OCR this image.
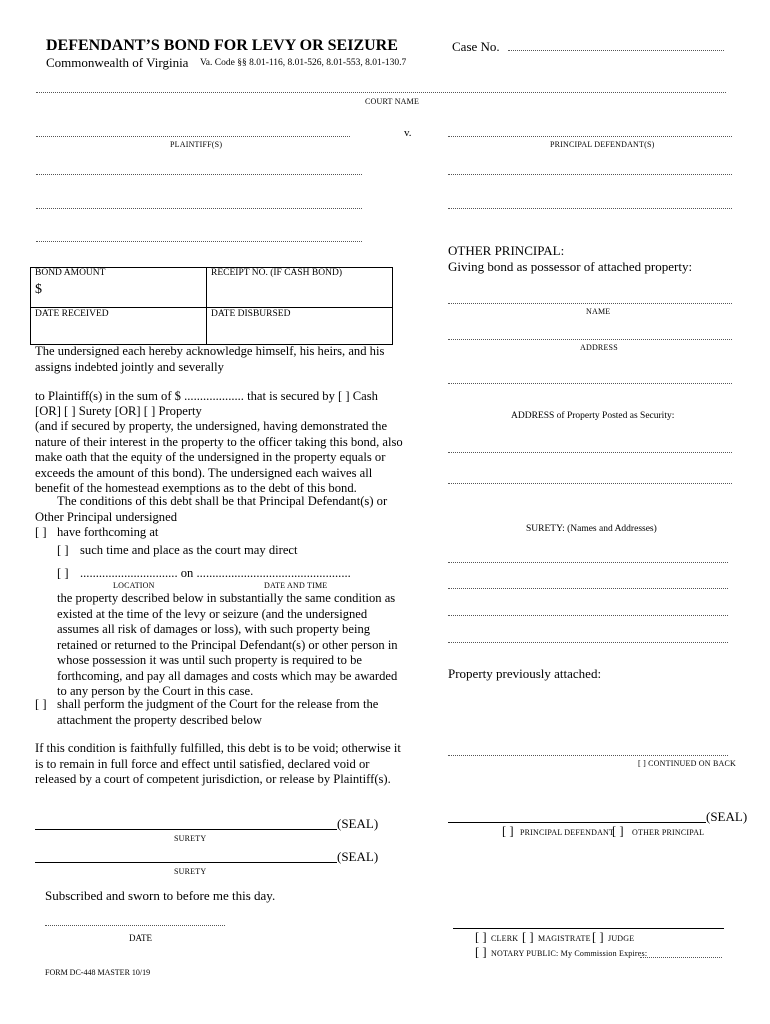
DEFENDANT’S BOND FOR LEVY OR SEIZURE
Commonwealth of Virginia Va. Code §§ 8.01-116, 8.01-526, 8.01-553, 8.01-130.7
Case No.
COURT NAME
v.
PLAINTIFF(S)	PRINCIPAL DEFENDANT(S)
BOND AMOUNT	RECEIPT NO. (IF CASH BOND)
$
DATE RECEIVED	DATE DISBURSED
OTHER PRINCIPAL:
Giving bond as possessor of attached property:
NAME
ADDRESS
ADDRESS of Property Posted as Security:
SURETY: (Names and Addresses)
Property previously attached:
[ ] CONTINUED ON BACK
The undersigned each hereby acknowledge himself, his heirs, and his assigns indebted jointly and severally
to Plaintiff(s) in the sum of $ ................... that is secured by [ ] Cash
[OR] [ ] Surety [OR] [ ] Property
(and if secured by property, the undersigned, having demonstrated the nature of their interest in the property to the officer taking this bond, also make oath that the equity of the undersigned in the property equals or exceeds the amount of this bond). The undersigned each waives all benefit of the homestead exemptions as to the debt of this bond.
The conditions of this debt shall be that Principal Defendant(s) or Other Principal undersigned
[ ] have forthcoming at
[ ] such time and place as the court may direct
[ ] ............................... on .................................................
LOCATION	DATE AND TIME
the property described below in substantially the same condition as existed at the time of the levy or seizure (and the undersigned assumes all risk of damages or loss), with such property being retained or returned to the Principal Defendant(s) or other person in whose possession it was until such property is required to be forthcoming, and pay all damages and costs which may be awarded to any person by the Court in this case.
[ ] shall perform the judgment of the Court for the release from the attachment the property described below
If this condition is faithfully fulfilled, this debt is to be void; otherwise it is to remain in full force and effect until satisfied, declared void or released by a court of competent jurisdiction, or release by Plaintiff(s).
(SEAL)
SURETY
(SEAL)
SURETY
(SEAL)
[ ] PRINCIPAL DEFENDANT
[ ] OTHER PRINCIPAL
Subscribed and sworn to before me this day.
DATE	[ ] CLERK [ ] MAGISTRATE [ ] JUDGE
[ ] NOTARY PUBLIC: My Commission Expires:
FORM DC-448 MASTER 10/19
